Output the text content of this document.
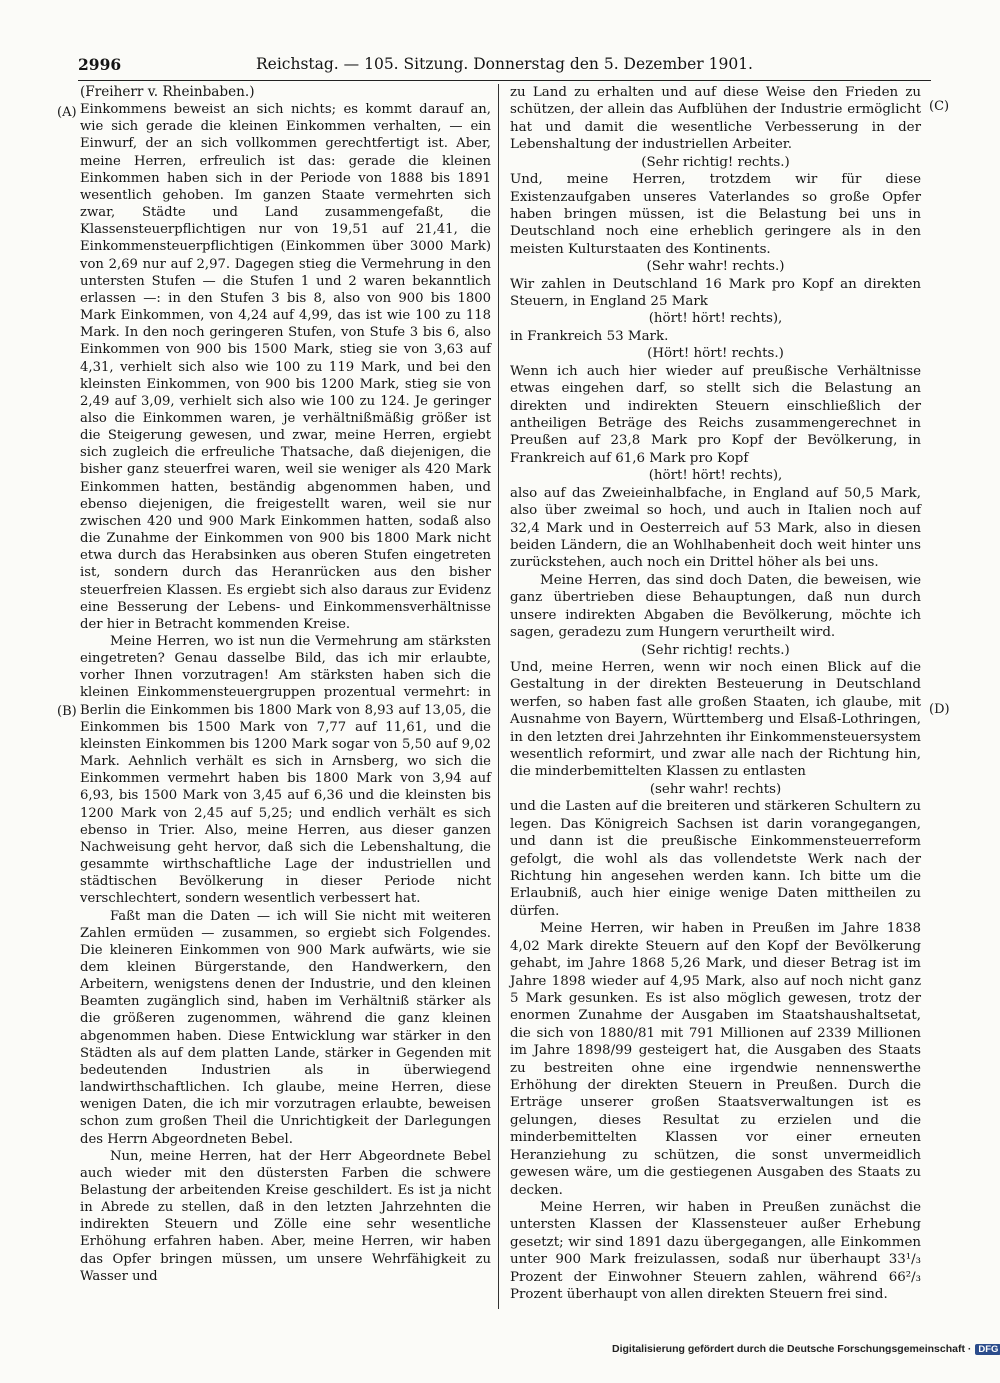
2996	Reichstag. — 105. Sitzung. Donnerstag den 5. Dezember 1901.
(A)
(B)
(C)
(D)

(Freiherr v. Rheinbaben.)

Einkommens beweist an sich nichts; es kommt darauf an, wie sich gerade die kleinen Einkommen verhalten, — ein Einwurf, der an sich vollkommen gerechtfertigt ist. Aber, meine Herren, erfreulich ist das: gerade die kleinen Einkommen haben sich in der Periode von 1888 bis 1891 wesentlich gehoben. Im ganzen Staate vermehrten sich zwar, Städte und Land zusammengefaßt, die Klassensteuerpflichtigen nur von 19,51 auf 21,41, die Einkommensteuerpflichtigen (Einkommen über 3000 Mark) von 2,69 nur auf 2,97. Dagegen stieg die Vermehrung in den untersten Stufen — die Stufen 1 und 2 waren bekanntlich erlassen —: in den Stufen 3 bis 8, also von 900 bis 1800 Mark Einkommen, von 4,24 auf 4,99, das ist wie 100 zu 118 Mark. In den noch geringeren Stufen, von Stufe 3 bis 6, also Einkommen von 900 bis 1500 Mark, stieg sie von 3,63 auf 4,31, verhielt sich also wie 100 zu 119 Mark, und bei den kleinsten Einkommen, von 900 bis 1200 Mark, stieg sie von 2,49 auf 3,09, verhielt sich also wie 100 zu 124. Je geringer also die Einkommen waren, je verhältnißmäßig größer ist die Steigerung gewesen, und zwar, meine Herren, ergiebt sich zugleich die erfreuliche Thatsache, daß diejenigen, die bisher ganz steuerfrei waren, weil sie weniger als 420 Mark Einkommen hatten, beständig abgenommen haben, und ebenso diejenigen, die freigestellt waren, weil sie nur zwischen 420 und 900 Mark Einkommen hatten, sodaß also die Zunahme der Einkommen von 900 bis 1800 Mark nicht etwa durch das Herabsinken aus oberen Stufen eingetreten ist, sondern durch das Heranrücken aus den bisher steuerfreien Klassen. Es ergiebt sich also daraus zur Evidenz eine Besserung der Lebens- und Einkommensverhältnisse der hier in Betracht kommenden Kreise.

Meine Herren, wo ist nun die Vermehrung am stärksten eingetreten? Genau dasselbe Bild, das ich mir erlaubte, vorher Ihnen vorzutragen! Am stärksten haben sich die kleinen Einkommensteuergruppen prozentual vermehrt: in Berlin die Einkommen bis 1800 Mark von 8,93 auf 13,05, die Einkommen bis 1500 Mark von 7,77 auf 11,61, und die kleinsten Einkommen bis 1200 Mark sogar von 5,50 auf 9,02 Mark. Aehnlich verhält es sich in Arnsberg, wo sich die Einkommen vermehrt haben bis 1800 Mark von 3,94 auf 6,93, bis 1500 Mark von 3,45 auf 6,36 und die kleinsten bis 1200 Mark von 2,45 auf 5,25; und endlich verhält es sich ebenso in Trier. Also, meine Herren, aus dieser ganzen Nachweisung geht hervor, daß sich die Lebenshaltung, die gesammte wirthschaftliche Lage der industriellen und städtischen Bevölkerung in dieser Periode nicht verschlechtert, sondern wesentlich verbessert hat.

Faßt man die Daten — ich will Sie nicht mit weiteren Zahlen ermüden — zusammen, so ergiebt sich Folgendes. Die kleineren Einkommen von 900 Mark aufwärts, wie sie dem kleinen Bürgerstande, den Handwerkern, den Arbeitern, wenigstens denen der Industrie, und den kleinen Beamten zugänglich sind, haben im Verhältniß stärker als die größeren zugenommen, während die ganz kleinen abgenommen haben. Diese Entwicklung war stärker in den Städten als auf dem platten Lande, stärker in Gegenden mit bedeutenden Industrien als in überwiegend landwirthschaftlichen. Ich glaube, meine Herren, diese wenigen Daten, die ich mir vorzutragen erlaubte, beweisen schon zum großen Theil die Unrichtigkeit der Darlegungen des Herrn Abgeordneten Bebel.

Nun, meine Herren, hat der Herr Abgeordnete Bebel auch wieder mit den düstersten Farben die schwere Belastung der arbeitenden Kreise geschildert. Es ist ja nicht in Abrede zu stellen, daß in den letzten Jahrzehnten die indirekten Steuern und Zölle eine sehr wesentliche Erhöhung erfahren haben. Aber, meine Herren, wir haben das Opfer bringen müssen, um unsere Wehrfähigkeit zu Wasser und

zu Land zu erhalten und auf diese Weise den Frieden zu schützen, der allein das Aufblühen der Industrie ermöglicht hat und damit die wesentliche Verbesserung in der Lebenshaltung der industriellen Arbeiter.

(Sehr richtig! rechts.)

Und, meine Herren, trotzdem wir für diese Existenzaufgaben unseres Vaterlandes so große Opfer haben bringen müssen, ist die Belastung bei uns in Deutschland noch eine erheblich geringere als in den meisten Kulturstaaten des Kontinents.

(Sehr wahr! rechts.)

Wir zahlen in Deutschland 16 Mark pro Kopf an direkten Steuern, in England 25 Mark

(hört! hört! rechts),

in Frankreich 53 Mark.

(Hört! hört! rechts.)

Wenn ich auch hier wieder auf preußische Verhältnisse etwas eingehen darf, so stellt sich die Belastung an direkten und indirekten Steuern einschließlich der antheiligen Beträge des Reichs zusammengerechnet in Preußen auf 23,8 Mark pro Kopf der Bevölkerung, in Frankreich auf 61,6 Mark pro Kopf

(hört! hört! rechts),

also auf das Zweieinhalbfache, in England auf 50,5 Mark, also über zweimal so hoch, und auch in Italien noch auf 32,4 Mark und in Oesterreich auf 53 Mark, also in diesen beiden Ländern, die an Wohlhabenheit doch weit hinter uns zurückstehen, auch noch ein Drittel höher als bei uns.

Meine Herren, das sind doch Daten, die beweisen, wie ganz übertrieben diese Behauptungen, daß nun durch unsere indirekten Abgaben die Bevölkerung, möchte ich sagen, geradezu zum Hungern verurtheilt wird.

(Sehr richtig! rechts.)

Und, meine Herren, wenn wir noch einen Blick auf die Gestaltung in der direkten Besteuerung in Deutschland werfen, so haben fast alle großen Staaten, ich glaube, mit Ausnahme von Bayern, Württemberg und Elsaß-Lothringen, in den letzten drei Jahrzehnten ihr Einkommensteuersystem wesentlich reformirt, und zwar alle nach der Richtung hin, die minderbemittelten Klassen zu entlasten

(sehr wahr! rechts)

und die Lasten auf die breiteren und stärkeren Schultern zu legen. Das Königreich Sachsen ist darin vorangegangen, und dann ist die preußische Einkommensteuerreform gefolgt, die wohl als das vollendetste Werk nach der Richtung hin angesehen werden kann. Ich bitte um die Erlaubniß, auch hier einige wenige Daten mittheilen zu dürfen.

Meine Herren, wir haben in Preußen im Jahre 1838 4,02 Mark direkte Steuern auf den Kopf der Bevölkerung gehabt, im Jahre 1868 5,26 Mark, und dieser Betrag ist im Jahre 1898 wieder auf 4,95 Mark, also auf noch nicht ganz 5 Mark gesunken. Es ist also möglich gewesen, trotz der enormen Zunahme der Ausgaben im Staatshaushaltsetat, die sich von 1880/81 mit 791 Millionen auf 2339 Millionen im Jahre 1898/99 gesteigert hat, die Ausgaben des Staats zu bestreiten ohne eine irgendwie nennenswerthe Erhöhung der direkten Steuern in Preußen. Durch die Erträge unserer großen Staatsverwaltungen ist es gelungen, dieses Resultat zu erzielen und die minderbemittelten Klassen vor einer erneuten Heranziehung zu schützen, die sonst unvermeidlich gewesen wäre, um die gestiegenen Ausgaben des Staats zu decken.

Meine Herren, wir haben in Preußen zunächst die untersten Klassen der Klassensteuer außer Erhebung gesetzt; wir sind 1891 dazu übergegangen, alle Einkommen unter 900 Mark freizulassen, sodaß nur überhaupt 33¹/₃ Prozent der Einwohner Steuern zahlen, während 66²/₃ Prozent überhaupt von allen direkten Steuern frei sind.

Digitalisierung gefördert durch die Deutsche Forschungsgemeinschaft · DFG
